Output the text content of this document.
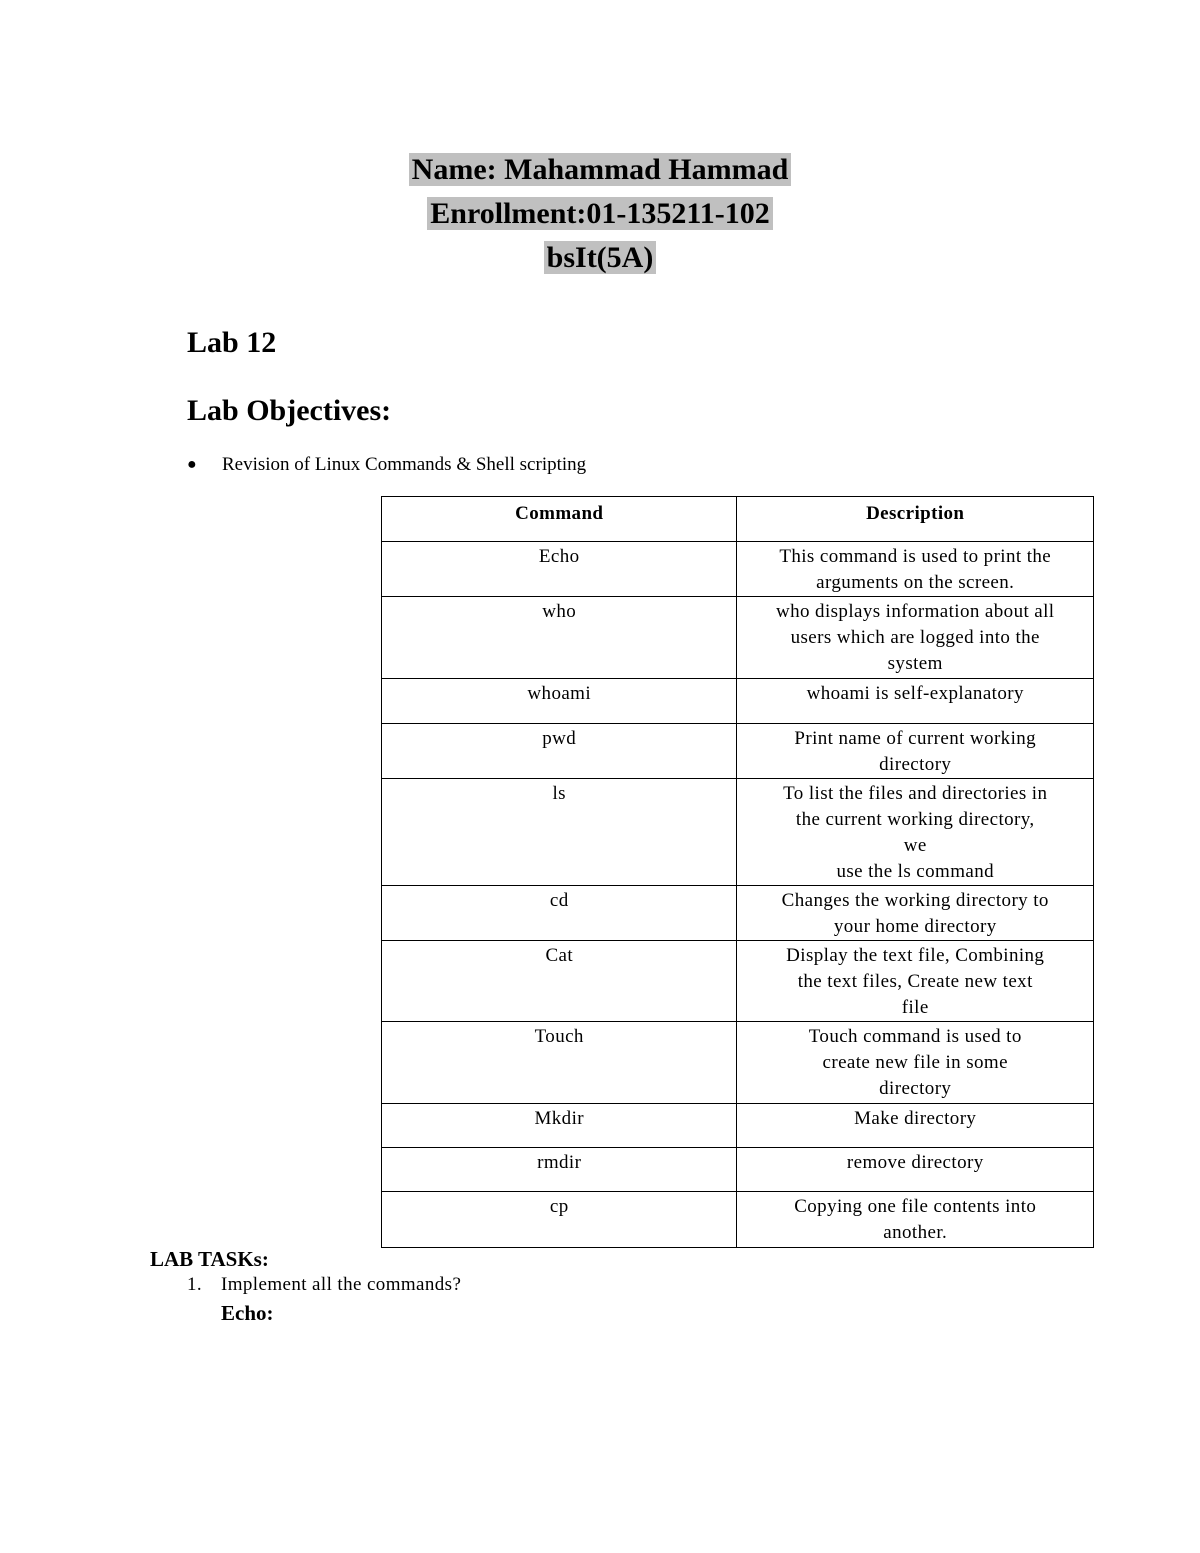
Name: Mahammad Hammad
Enrollment:01-135211-102
bsIt(5A)
Lab 12
Lab Objectives:
● Revision of Linux Commands & Shell scripting
Command	Description
Echo	This command is used to print the
arguments on the screen.
who	who displays information about all
users which are logged into the
system
whoami	whoami is self-explanatory
pwd	Print name of current working
directory
ls	To list the files and directories in
the current working directory,
we
use the ls command
cd	Changes the working directory to
your home directory
Cat	Display the text file, Combining
the text files, Create new text
file
Touch	Touch command is used to
create new file in some
directory
Mkdir	Make directory
rmdir	remove directory
cp	Copying one file contents into
another.
LAB TASKs:
1. Implement all the commands?
Echo:
